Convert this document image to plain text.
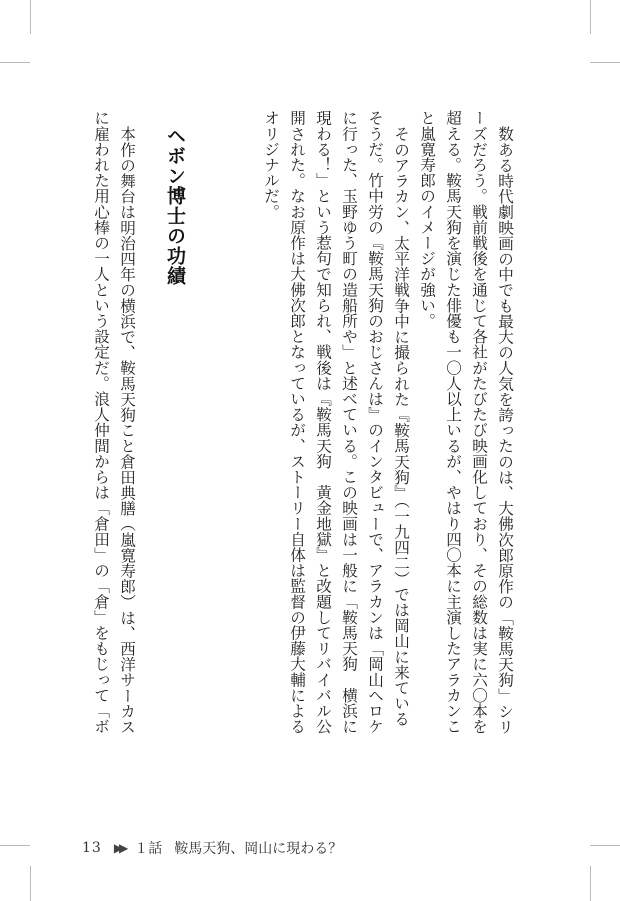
数ある時代劇映画の中でも最大の人気を誇ったのは、大佛次郎原作の「鞍馬天狗」シリ
ーズだろう。戦前戦後を通じて各社がたびたび映画化しており、その総数は実に六〇本を
超える。鞍馬天狗を演じた俳優も一〇人以上いるが、やはり四〇本に主演したアラカンこ
と嵐寛寿郎のイメージが強い。
そのアラカン、太平洋戦争中に撮られた『鞍馬天狗』（一九四二）では岡山に来ている
そうだ。竹中労の『鞍馬天狗のおじさんは』のインタビューで、アラカンは「岡山へロケ
に行った、玉野ゆう町の造船所や」と述べている。この映画は一般に「鞍馬天狗　横浜に
現わる！」という惹句で知られ、戦後は『鞍馬天狗　黄金地獄』と改題してリバイバル公
開された。なお原作は大佛次郎となっているが、ストーリー自体は監督の伊藤大輔による
オリジナルだ。
ヘボン博士の功績
本作の舞台は明治四年の横浜で、鞍馬天狗こと倉田典膳（嵐寛寿郎）は、西洋サーカス
に雇われた用心棒の一人という設定だ。浪人仲間からは「倉田」の「倉」をもじって「ボ
13 ▶▶ １話 鞍馬天狗、岡山に現わる？
